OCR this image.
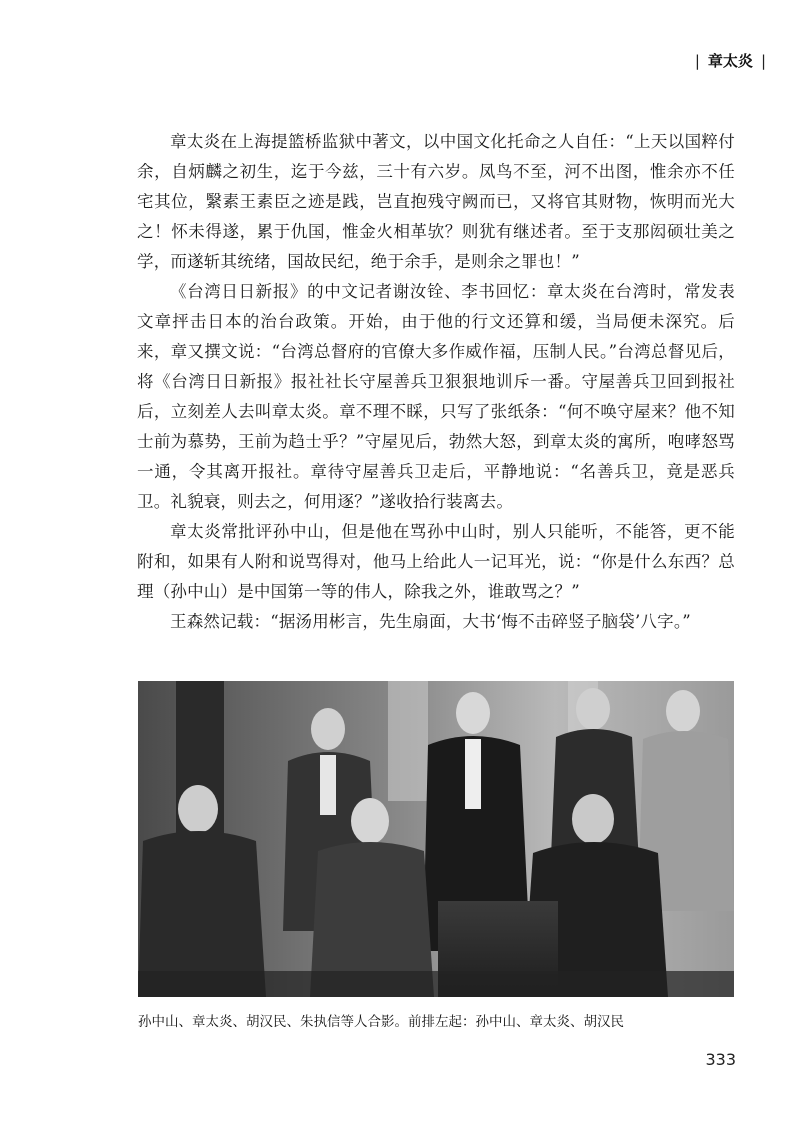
| 章太炎 |

章太炎在上海提篮桥监狱中著文，以中国文化托命之人自任：“上天以国粹付余，自炳麟之初生，迄于今兹，三十有六岁。凤鸟不至，河不出图，惟余亦不任宅其位，繄素王素臣之迹是践，岂直抱残守阙而已，又将官其财物，恢明而光大之！怀未得遂，累于仇国，惟金火相革欤？则犹有继述者。至于支那闳硕壮美之学，而遂斩其统绪，国故民纪，绝于余手，是则余之罪也！”

《台湾日日新报》的中文记者谢汝铨、李书回忆：章太炎在台湾时，常发表文章抨击日本的治台政策。开始，由于他的行文还算和缓，当局便未深究。后来，章又撰文说：“台湾总督府的官僚大多作威作福，压制人民。”台湾总督见后，将《台湾日日新报》报社社长守屋善兵卫狠狠地训斥一番。守屋善兵卫回到报社后，立刻差人去叫章太炎。章不理不睬，只写了张纸条：“何不唤守屋来？他不知士前为慕势，王前为趋士乎？”守屋见后，勃然大怒，到章太炎的寓所，咆哮怒骂一通，令其离开报社。章待守屋善兵卫走后，平静地说：“名善兵卫，竟是恶兵卫。礼貌衰，则去之，何用逐？”遂收拾行装离去。

章太炎常批评孙中山，但是他在骂孙中山时，别人只能听，不能答，更不能附和，如果有人附和说骂得对，他马上给此人一记耳光，说：“你是什么东西？总理（孙中山）是中国第一等的伟人，除我之外，谁敢骂之？”

王森然记载：“据汤用彬言，先生扇面，大书‘悔不击碎竖子脑袋’八字。”

孙中山、章太炎、胡汉民、朱执信等人合影。前排左起：孙中山、章太炎、胡汉民
333
